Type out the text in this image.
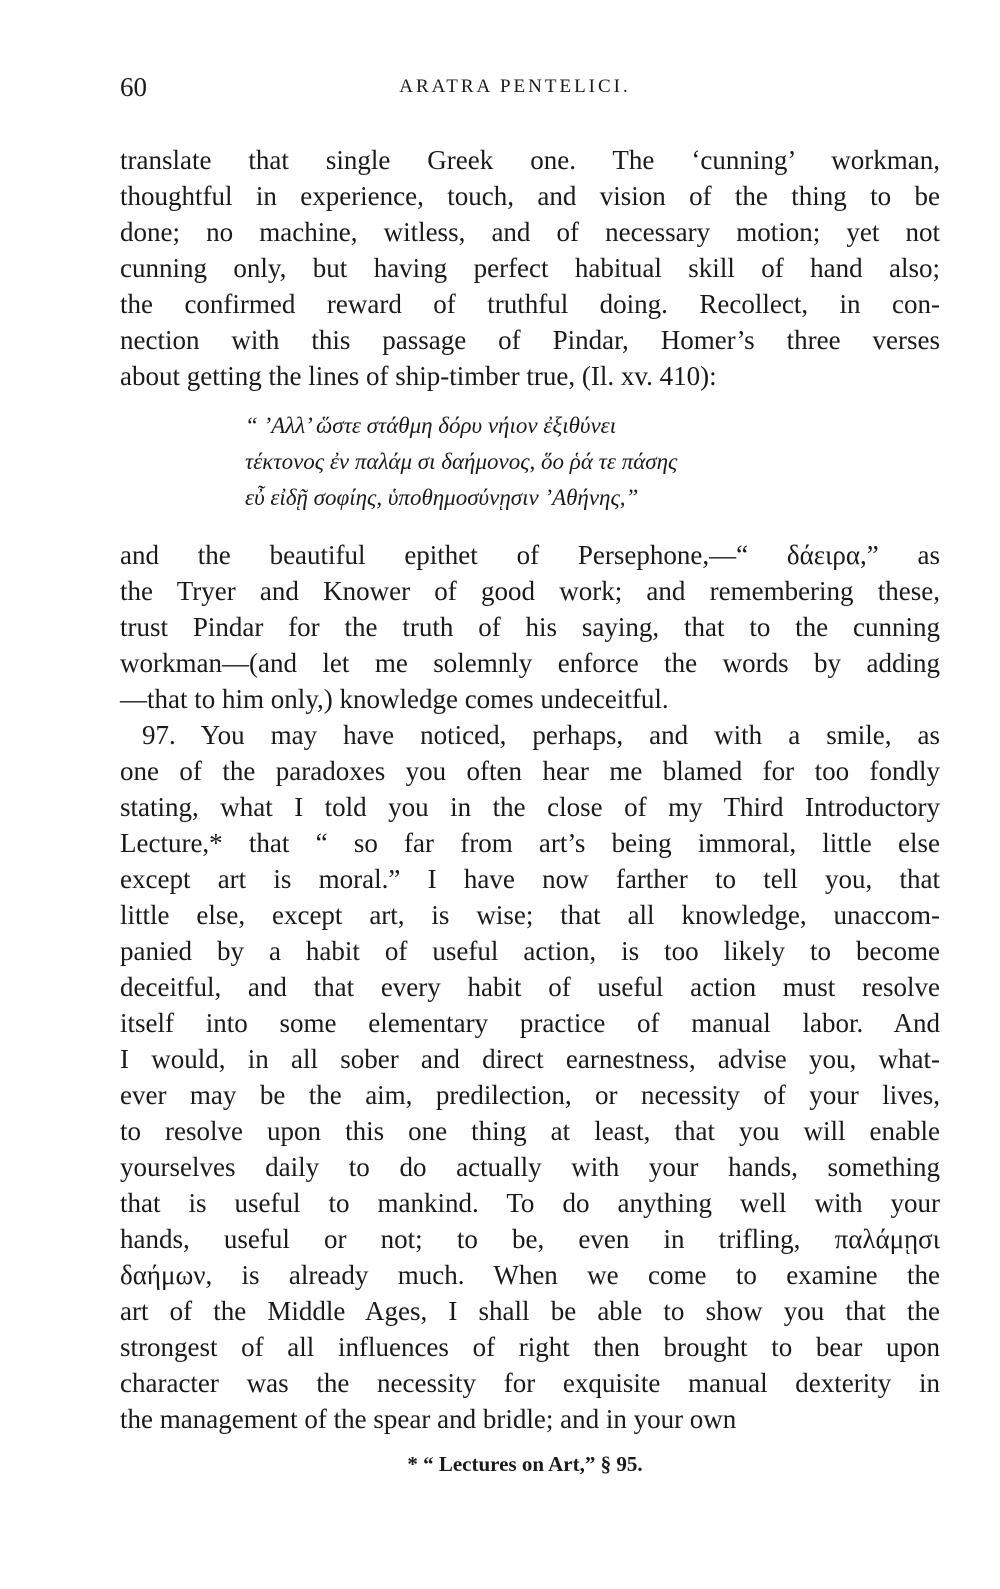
60	ARATRA PENTELICI.
translate that single Greek one. The ‘cunning’ workman,
thoughtful in experience, touch, and vision of the thing to be
done; no machine, witless, and of necessary motion; yet not
cunning only, but having perfect habitual skill of hand also;
the confirmed reward of truthful doing. Recollect, in con-
nection with this passage of Pindar, Homer’s three verses
about getting the lines of ship-timber true, (Il. xv. 410):
“ ’Αλλ’ ὥστε στάθμη δόρυ νήιον ἐξιθύνει
τέκτονος ἐν παλάμ σι δαήμονος, ὅο ῥά τε πάσης
εὖ εἰδῇ σοφίης, ὑποθημοσύνῃσιν ’Αθήνης,”
and the beautiful epithet of Persephone,—“ δάειρα,” as
the Tryer and Knower of good work; and remembering these,
trust Pindar for the truth of his saying, that to the cunning
workman—(and let me solemnly enforce the words by adding
—that to him only,) knowledge comes undeceitful.
97. You may have noticed, perhaps, and with a smile, as
one of the paradoxes you often hear me blamed for too fondly
stating, what I told you in the close of my Third Introductory
Lecture,* that “ so far from art’s being immoral, little else
except art is moral.” I have now farther to tell you, that
little else, except art, is wise; that all knowledge, unaccom-
panied by a habit of useful action, is too likely to become
deceitful, and that every habit of useful action must resolve
itself into some elementary practice of manual labor. And
I would, in all sober and direct earnestness, advise you, what-
ever may be the aim, predilection, or necessity of your lives,
to resolve upon this one thing at least, that you will enable
yourselves daily to do actually with your hands, something
that is useful to mankind. To do anything well with your
hands, useful or not; to be, even in trifling, παλάμῃσι
δαήμων, is already much. When we come to examine the
art of the Middle Ages, I shall be able to show you that the
strongest of all influences of right then brought to bear upon
character was the necessity for exquisite manual dexterity in
the management of the spear and bridle; and in your own
* “ Lectures on Art,” § 95.
